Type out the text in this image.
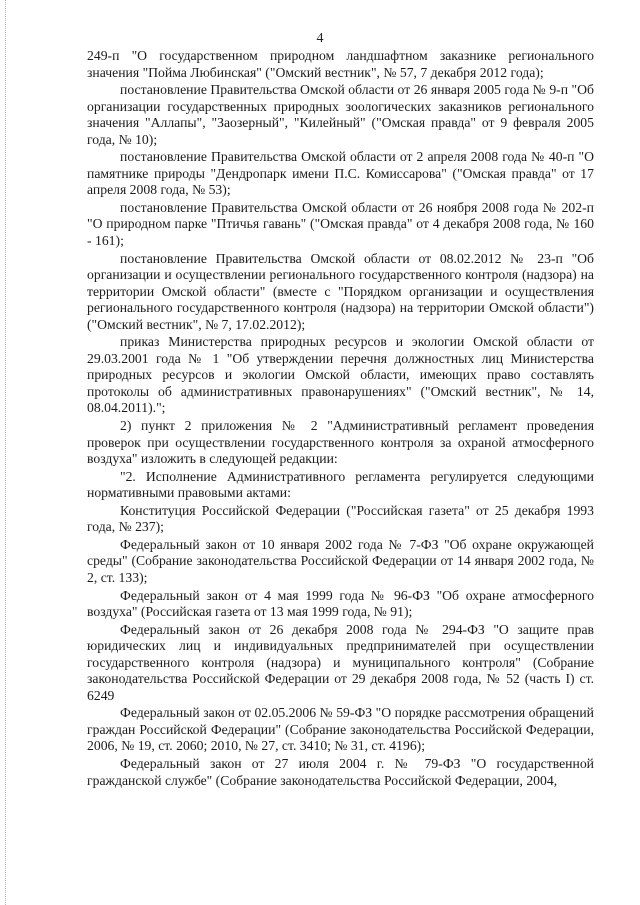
4

249-п "О государственном природном ландшафтном заказнике регионального значения "Пойма Любинская" ("Омский вестник", № 57, 7 декабря 2012 года);

постановление Правительства Омской области от 26 января 2005 года № 9-п "Об организации государственных природных зоологических заказников регионального значения "Аллапы", "Заозерный", "Килейный" ("Омская правда" от 9 февраля 2005 года, № 10);

постановление Правительства Омской области от 2 апреля 2008 года № 40-п "О памятнике природы "Дендропарк имени П.С. Комиссарова" ("Омская правда" от 17 апреля 2008 года, № 53);

постановление Правительства Омской области от 26 ноября 2008 года № 202-п "О природном парке "Птичья гавань" ("Омская правда" от 4 декабря 2008 года, № 160 - 161);

постановление Правительства Омской области от 08.02.2012 № 23-п "Об организации и осуществлении регионального государственного контроля (надзора) на территории Омской области" (вместе с "Порядком организации и осуществления регионального государственного контроля (надзора) на территории Омской области") ("Омский вестник", № 7, 17.02.2012);

приказ Министерства природных ресурсов и экологии Омской области от 29.03.2001 года № 1 "Об утверждении перечня должностных лиц Министерства природных ресурсов и экологии Омской области, имеющих право составлять протоколы об административных правонарушениях" ("Омский вестник", № 14, 08.04.2011).";

2) пункт 2 приложения № 2 "Административный регламент проведения проверок при осуществлении государственного контроля за охраной атмосферного воздуха" изложить в следующей редакции:

"2. Исполнение Административного регламента регулируется следующими нормативными правовыми актами:

Конституция Российской Федерации ("Российская газета" от 25 декабря 1993 года, № 237);

Федеральный закон от 10 января 2002 года № 7-ФЗ "Об охране окружающей среды" (Собрание законодательства Российской Федерации от 14 января 2002 года, № 2, ст. 133);

Федеральный закон от 4 мая 1999 года № 96-ФЗ "Об охране атмосферного воздуха" (Российская газета от 13 мая 1999 года, № 91);

Федеральный закон от 26 декабря 2008 года № 294-ФЗ "О защите прав юридических лиц и индивидуальных предпринимателей при осуществлении государственного контроля (надзора) и муниципального контроля" (Собрание законодательства Российской Федерации от 29 декабря 2008 года, № 52 (часть I) ст. 6249

Федеральный закон от 02.05.2006 № 59-ФЗ "О порядке рассмотрения обращений граждан Российской Федерации" (Собрание законодательства Российской Федерации, 2006, № 19, ст. 2060; 2010, № 27, ст. 3410; № 31, ст. 4196);

Федеральный закон от 27 июля 2004 г. № 79-ФЗ "О государственной гражданской службе" (Собрание законодательства Российской Федерации, 2004,
